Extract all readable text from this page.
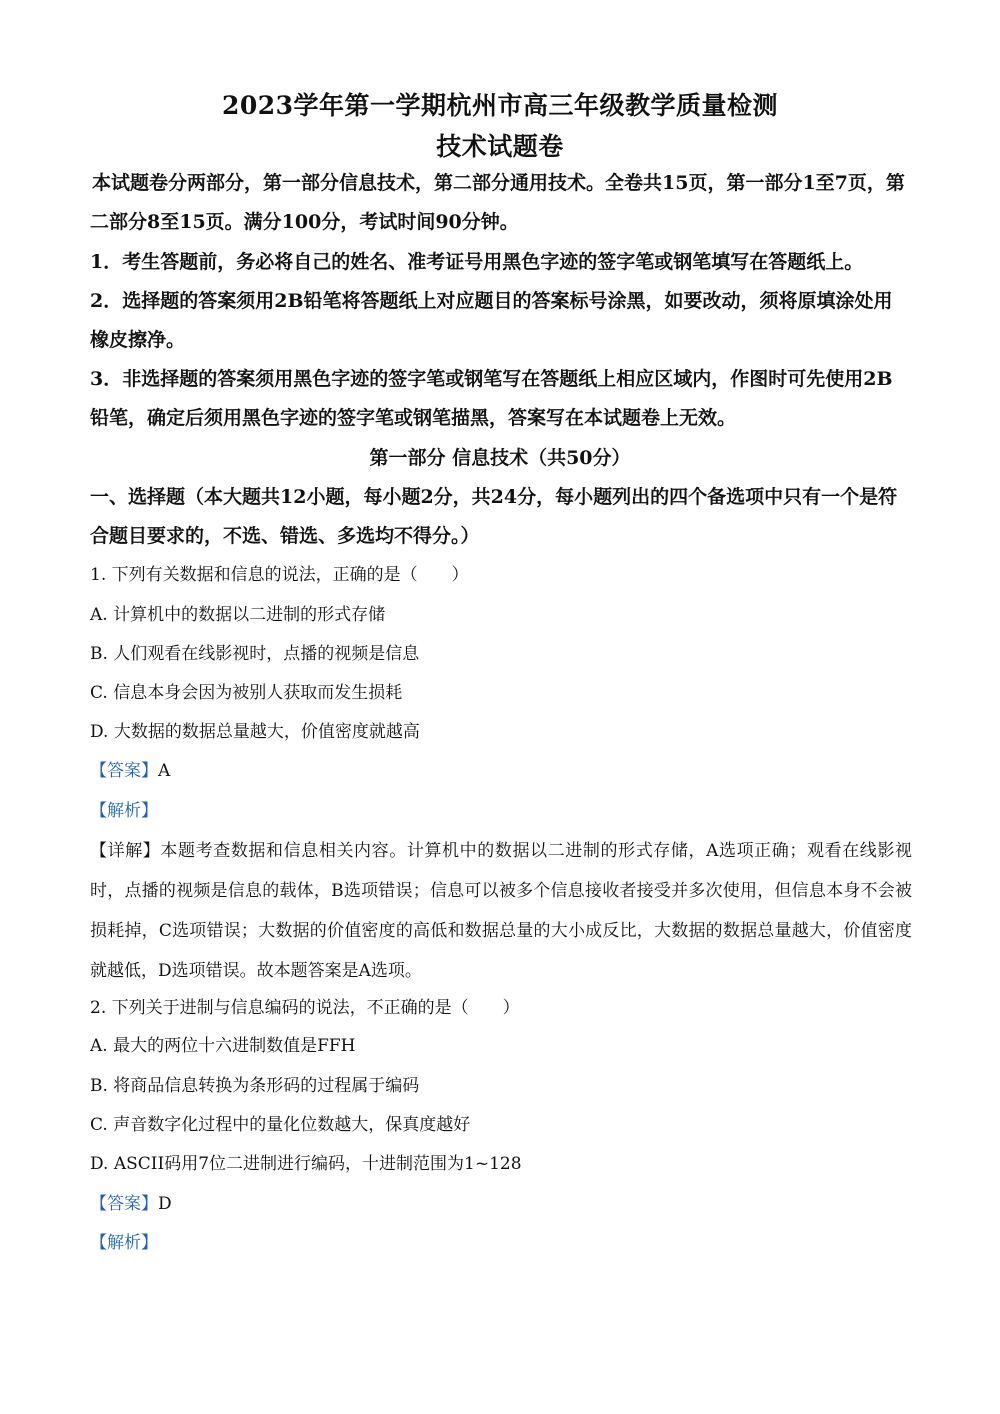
2023学年第一学期杭州市高三年级教学质量检测
技术试题卷
本试题卷分两部分，第一部分信息技术，第二部分通用技术。全卷共15页，第一部分1至7页，第二部分8至15页。满分100分，考试时间90分钟。
1．考生答题前，务必将自己的姓名、准考证号用黑色字迹的签字笔或钢笔填写在答题纸上。
2．选择题的答案须用2B铅笔将答题纸上对应题目的答案标号涂黑，如要改动，须将原填涂处用橡皮擦净。
3．非选择题的答案须用黑色字迹的签字笔或钢笔写在答题纸上相应区域内，作图时可先使用2B铅笔，确定后须用黑色字迹的签字笔或钢笔描黑，答案写在本试题卷上无效。
第一部分 信息技术（共50分）
一、选择题（本大题共12小题，每小题2分，共24分，每小题列出的四个备选项中只有一个是符合题目要求的，不选、错选、多选均不得分。）
1. 下列有关数据和信息的说法，正确的是（　　）
A. 计算机中的数据以二进制的形式存储
B. 人们观看在线影视时，点播的视频是信息
C. 信息本身会因为被别人获取而发生损耗
D. 大数据的数据总量越大，价值密度就越高
【答案】A
【解析】
【详解】本题考查数据和信息相关内容。计算机中的数据以二进制的形式存储，A选项正确；观看在线影视时，点播的视频是信息的载体，B选项错误；信息可以被多个信息接收者接受并多次使用，但信息本身不会被损耗掉，C选项错误；大数据的价值密度的高低和数据总量的大小成反比，大数据的数据总量越大，价值密度就越低，D选项错误。故本题答案是A选项。
2. 下列关于进制与信息编码的说法，不正确的是（　　）
A. 最大的两位十六进制数值是FFH
B. 将商品信息转换为条形码的过程属于编码
C. 声音数字化过程中的量化位数越大，保真度越好
D. ASCII码用7位二进制进行编码，十进制范围为1~128
【答案】D
【解析】
